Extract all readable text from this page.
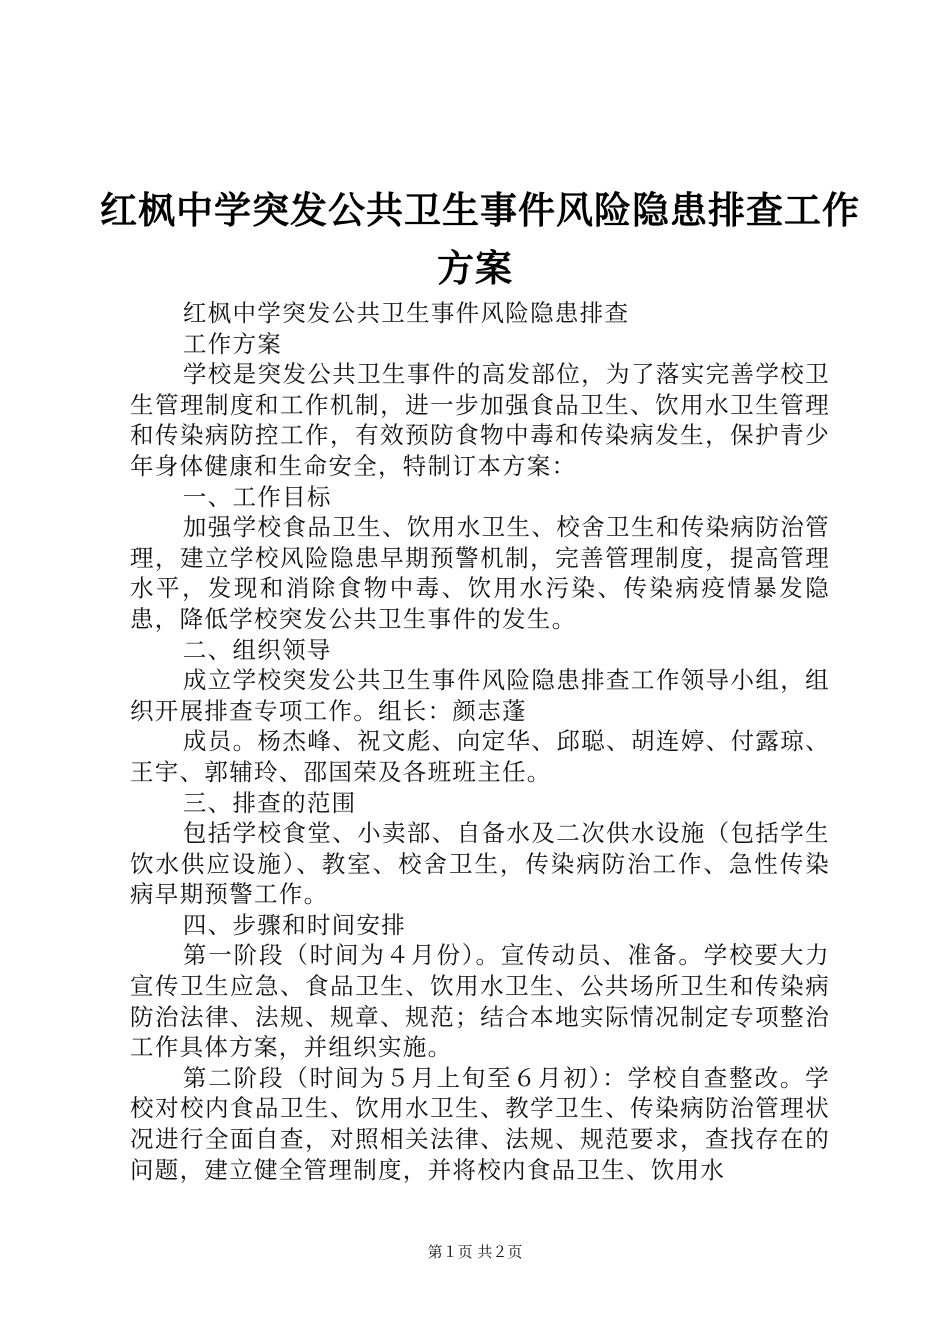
红枫中学突发公共卫生事件风险隐患排查工作
方案

红枫中学突发公共卫生事件风险隐患排查

工作方案

学校是突发公共卫生事件的高发部位，为了落实完善学校卫生管理制度和工作机制，进一步加强食品卫生、饮用水卫生管理和传染病防控工作，有效预防食物中毒和传染病发生，保护青少年身体健康和生命安全，特制订本方案：

一、工作目标

加强学校食品卫生、饮用水卫生、校舍卫生和传染病防治管理，建立学校风险隐患早期预警机制，完善管理制度，提高管理水平，发现和消除食物中毒、饮用水污染、传染病疫情暴发隐患，降低学校突发公共卫生事件的发生。

二、组织领导

成立学校突发公共卫生事件风险隐患排查工作领导小组，组织开展排查专项工作。组长：颜志蓬

成员。杨杰峰、祝文彪、向定华、邱聪、胡连婷、付露琼、王宇、郭辅玲、邵国荣及各班班主任。

三、排查的范围

包括学校食堂、小卖部、自备水及二次供水设施（包括学生饮水供应设施）、教室、校舍卫生，传染病防治工作、急性传染病早期预警工作。

四、步骤和时间安排

第一阶段（时间为４月份）。宣传动员、准备。学校要大力宣传卫生应急、食品卫生、饮用水卫生、公共场所卫生和传染病防治法律、法规、规章、规范；结合本地实际情况制定专项整治工作具体方案，并组织实施。

第二阶段（时间为５月上旬至６月初）：学校自查整改。学校对校内食品卫生、饮用水卫生、教学卫生、传染病防治管理状况进行全面自查，对照相关法律、法规、规范要求，查找存在的问题，建立健全管理制度，并将校内食品卫生、饮用水

第１页 共２页
